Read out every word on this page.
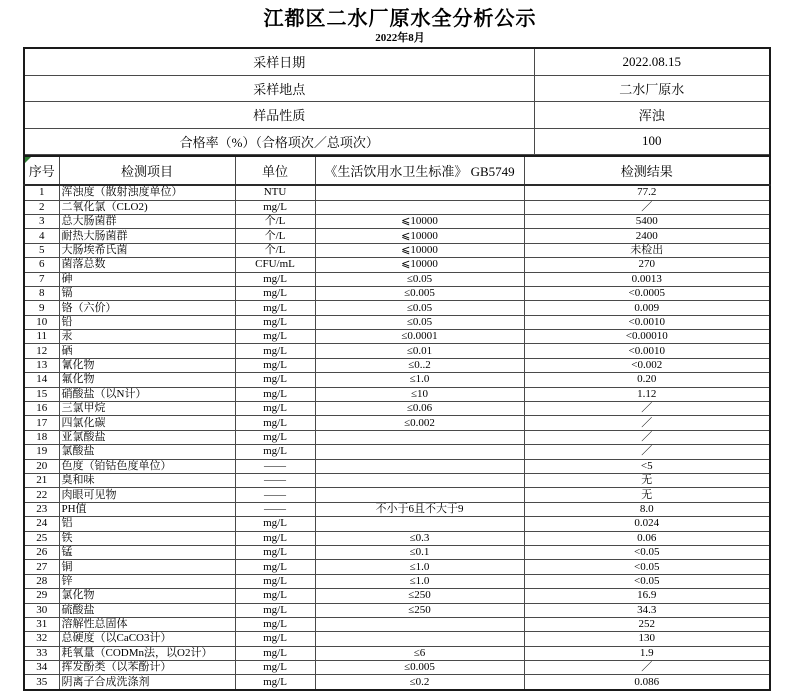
江都区二水厂原水全分析公示
2022年8月
采样日期	2022.08.15
采样地点	二水厂原水
样品性质	浑浊
合格率（%）（合格项次／总项次）	100
序号	检测项目	单位	《生活饮用水卫生标准》 GB5749	检测结果
1	浑浊度（散射浊度单位）	NTU		77.2
2	二氧化氯（CLO2)	mg/L		／
3	总大肠菌群	个/L	⩽10000	5400
4	耐热大肠菌群	个/L	⩽10000	2400
5	大肠埃希氏菌	个/L	⩽10000	未检出
6	菌落总数	CFU/mL	⩽10000	270
7	砷	mg/L	≤0.05	0.0013
8	镉	mg/L	≤0.005	<0.0005
9	铬（六价）	mg/L	≤0.05	0.009
10	铅	mg/L	≤0.05	<0.0010
11	汞	mg/L	≤0.0001	<0.00010
12	硒	mg/L	≤0.01	<0.0010
13	氰化物	mg/L	≤0..2	<0.002
14	氟化物	mg/L	≤1.0	0.20
15	硝酸盐（以N计）	mg/L	≤10	1.12
16	三氯甲烷	mg/L	≤0.06	／
17	四氯化碳	mg/L	≤0.002	／
18	亚氯酸盐	mg/L		／
19	氯酸盐	mg/L		／
20	色度（铂钴色度单位）	——		<5
21	臭和味	——		无
22	肉眼可见物	——		无
23	PH值	——	不小于6且不大于9	8.0
24	铝	mg/L		0.024
25	铁	mg/L	≤0.3	0.06
26	锰	mg/L	≤0.1	<0.05
27	铜	mg/L	≤1.0	<0.05
28	锌	mg/L	≤1.0	<0.05
29	氯化物	mg/L	≤250	16.9
30	硫酸盐	mg/L	≤250	34.3
31	溶解性总固体	mg/L		252
32	总硬度（以CaCO3计）	mg/L		130
33	耗氧量（CODMn法，以O2计）	mg/L	≤6	1.9
34	挥发酚类（以苯酚计）	mg/L	≤0.005	／
35	阴离子合成洗涤剂	mg/L	≤0.2	0.086
